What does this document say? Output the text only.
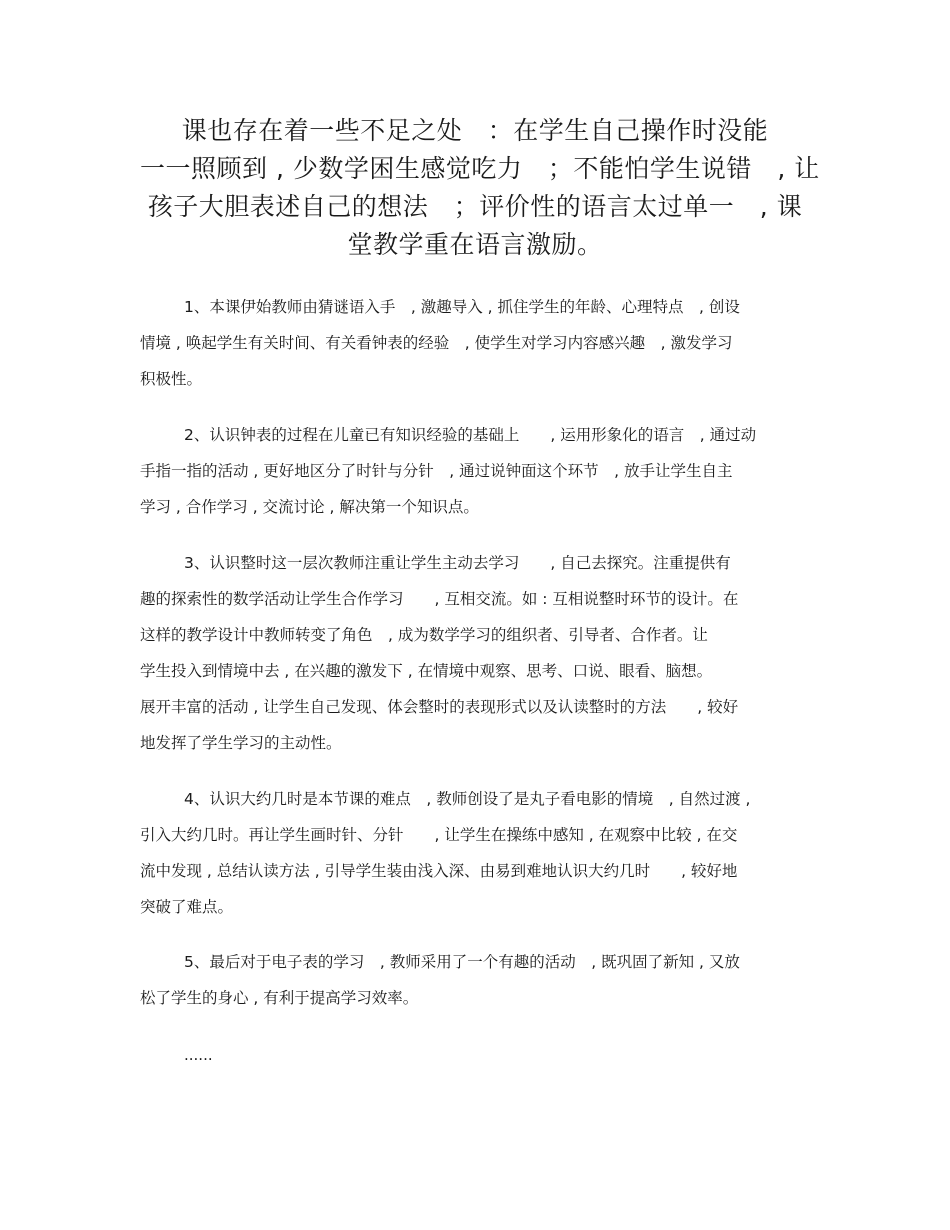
课也存在着一些不足之处　：在学生自己操作时没能
一一照顾到 , 少数学困生感觉吃力　；不能怕学生说错　, 让
孩子大胆表述自己的想法　；评价性的语言太过单一　, 课
堂教学重在语言激励。

1、本课伊始教师由猜谜语入手　, 激趣导入 , 抓住学生的年龄、心理特点　, 创设
情境 , 唤起学生有关时间、有关看钟表的经验　, 使学生对学习内容感兴趣　, 激发学习
积极性。

2、认识钟表的过程在儿童已有知识经验的基础上　　, 运用形象化的语言　, 通过动
手指一指的活动 , 更好地区分了时针与分针　, 通过说钟面这个环节　, 放手让学生自主
学习 , 合作学习 , 交流讨论 , 解决第一个知识点。

3、认识整时这一层次教师注重让学生主动去学习　　, 自己去探究。注重提供有
趣的探索性的数学活动让学生合作学习　　, 互相交流。如 : 互相说整时环节的设计。在
这样的教学设计中教师转变了角色　, 成为数学学习的组织者、引导者、合作者。让
学生投入到情境中去 , 在兴趣的激发下 , 在情境中观察、思考、口说、眼看、脑想。
展开丰富的活动 , 让学生自己发现、体会整时的表现形式以及认读整时的方法　　, 较好
地发挥了学生学习的主动性。

4、认识大约几时是本节课的难点　, 教师创设了是丸子看电影的情境　, 自然过渡 ,
引入大约几时。再让学生画时针、分针　　, 让学生在操练中感知 , 在观察中比较 , 在交
流中发现 , 总结认读方法 , 引导学生装由浅入深、由易到难地认识大约几时　　, 较好地
突破了难点。

5、最后对于电子表的学习　, 教师采用了一个有趣的活动　, 既巩固了新知 , 又放
松了学生的身心 , 有利于提高学习效率。

......
